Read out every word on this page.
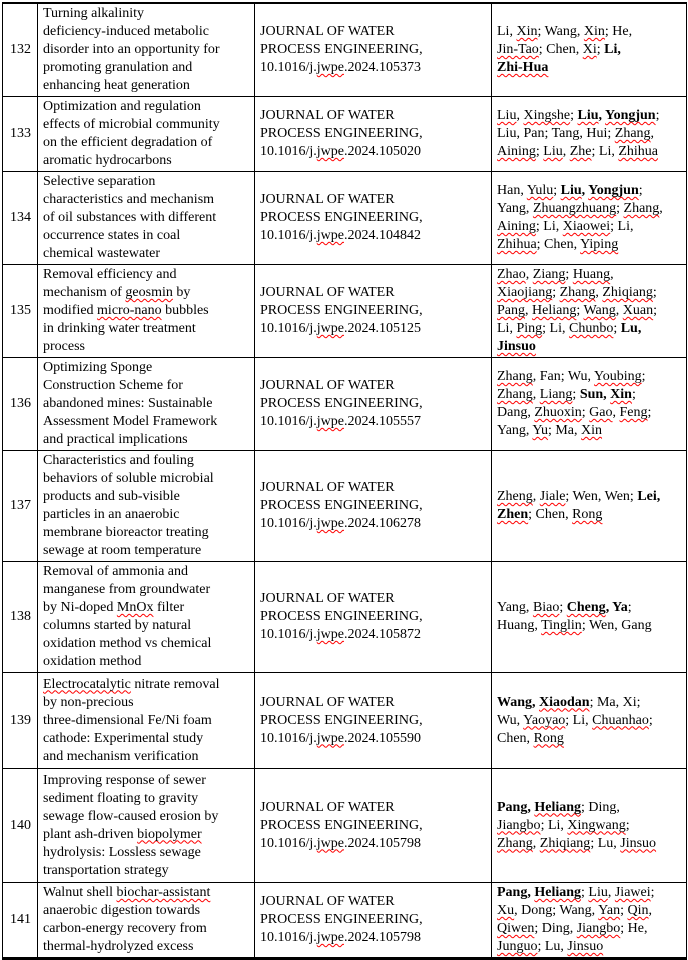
132	Turning alkalinity
deficiency-induced metabolic
disorder into an opportunity for
promoting granulation and
enhancing heat generation	JOURNAL OF WATER
PROCESS ENGINEERING,
10.1016/j.jwpe.2024.105373	Li, Xin; Wang, Xin; He,
Jin-Tao; Chen, Xi; Li,
Zhi-Hua
133	Optimization and regulation
effects of microbial community
on the efficient degradation of
aromatic hydrocarbons	JOURNAL OF WATER
PROCESS ENGINEERING,
10.1016/j.jwpe.2024.105020	Liu, Xingshe; Liu, Yongjun;
Liu, Pan; Tang, Hui; Zhang,
Aining; Liu, Zhe; Li, Zhihua
134	Selective separation
characteristics and mechanism
of oil substances with different
occurrence states in coal
chemical wastewater	JOURNAL OF WATER
PROCESS ENGINEERING,
10.1016/j.jwpe.2024.104842	Han, Yulu; Liu, Yongjun;
Yang, Zhuangzhuang; Zhang,
Aining; Li, Xiaowei; Li,
Zhihua; Chen, Yiping
135	Removal efficiency and
mechanism of geosmin by
modified micro-nano bubbles
in drinking water treatment
process	JOURNAL OF WATER
PROCESS ENGINEERING,
10.1016/j.jwpe.2024.105125	Zhao, Ziang; Huang,
Xiaojiang; Zhang, Zhiqiang;
Pang, Heliang; Wang, Xuan;
Li, Ping; Li, Chunbo; Lu,
Jinsuo
136	Optimizing Sponge
Construction Scheme for
abandoned mines: Sustainable
Assessment Model Framework
and practical implications	JOURNAL OF WATER
PROCESS ENGINEERING,
10.1016/j.jwpe.2024.105557	Zhang, Fan; Wu, Youbing;
Zhang, Liang; Sun, Xin;
Dang, Zhuoxin; Gao, Feng;
Yang, Yu; Ma, Xin
137	Characteristics and fouling
behaviors of soluble microbial
products and sub-visible
particles in an anaerobic
membrane bioreactor treating
sewage at room temperature	JOURNAL OF WATER
PROCESS ENGINEERING,
10.1016/j.jwpe.2024.106278	Zheng, Jiale; Wen, Wen; Lei,
Zhen; Chen, Rong
138	Removal of ammonia and
manganese from groundwater
by Ni-doped MnOx filter
columns started by natural
oxidation method vs chemical
oxidation method	JOURNAL OF WATER
PROCESS ENGINEERING,
10.1016/j.jwpe.2024.105872	Yang, Biao; Cheng, Ya;
Huang, Tinglin; Wen, Gang
139	Electrocatalytic nitrate removal
by non-precious
three-dimensional Fe/Ni foam
cathode: Experimental study
and mechanism verification	JOURNAL OF WATER
PROCESS ENGINEERING,
10.1016/j.jwpe.2024.105590	Wang, Xiaodan; Ma, Xi;
Wu, Yaoyao; Li, Chuanhao;
Chen, Rong
140	Improving response of sewer
sediment floating to gravity
sewage flow-caused erosion by
plant ash-driven biopolymer
hydrolysis: Lossless sewage
transportation strategy	JOURNAL OF WATER
PROCESS ENGINEERING,
10.1016/j.jwpe.2024.105798	Pang, Heliang; Ding,
Jiangbo; Li, Xingwang;
Zhang, Zhiqiang; Lu, Jinsuo
141	Walnut shell biochar-assistant
anaerobic digestion towards
carbon-energy recovery from
thermal-hydrolyzed excess	JOURNAL OF WATER
PROCESS ENGINEERING,
10.1016/j.jwpe.2024.105798	Pang, Heliang; Liu, Jiawei;
Xu, Dong; Wang, Yan; Qin,
Qiwen; Ding, Jiangbo; He,
Junguo; Lu, Jinsuo
